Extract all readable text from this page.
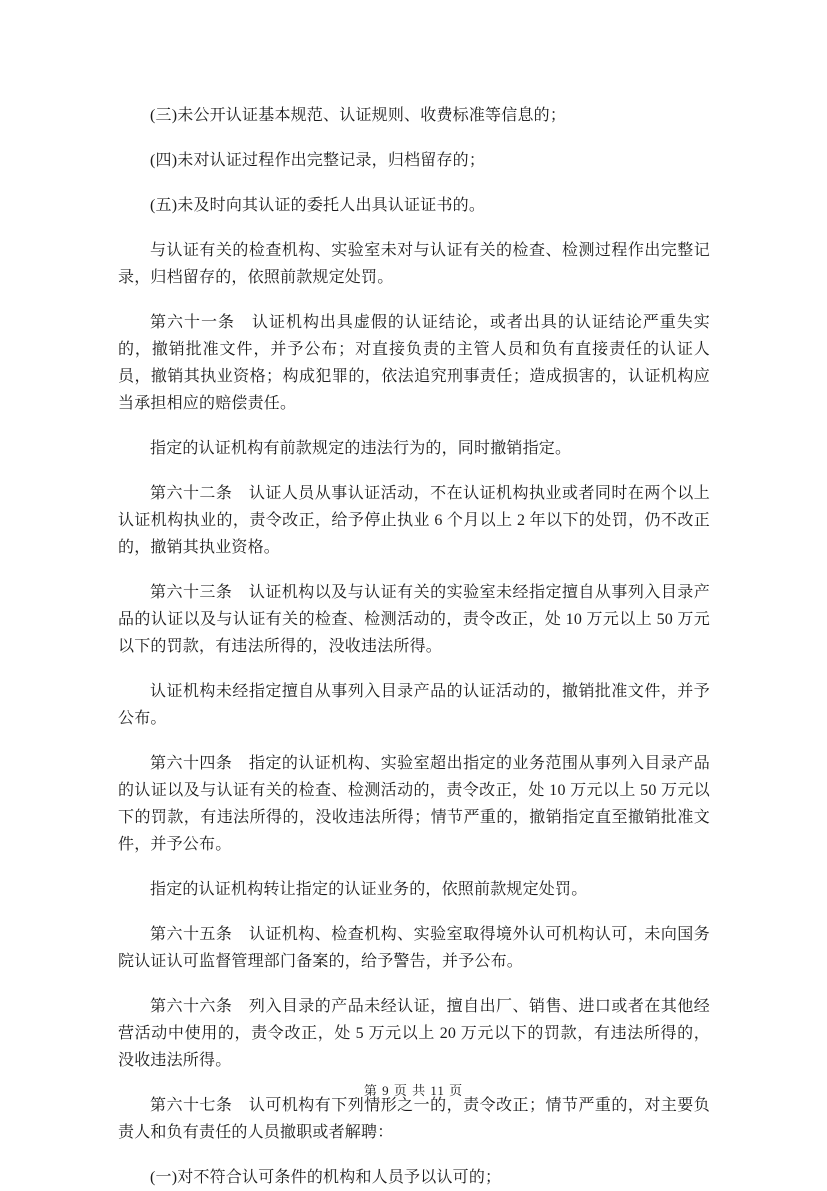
(三)未公开认证基本规范、认证规则、收费标准等信息的；

(四)未对认证过程作出完整记录，归档留存的；

(五)未及时向其认证的委托人出具认证证书的。

与认证有关的检查机构、实验室未对与认证有关的检查、检测过程作出完整记录，归档留存的，依照前款规定处罚。

第六十一条　认证机构出具虚假的认证结论，或者出具的认证结论严重失实的，撤销批准文件，并予公布；对直接负责的主管人员和负有直接责任的认证人员，撤销其执业资格；构成犯罪的，依法追究刑事责任；造成损害的，认证机构应当承担相应的赔偿责任。

指定的认证机构有前款规定的违法行为的，同时撤销指定。

第六十二条　认证人员从事认证活动，不在认证机构执业或者同时在两个以上认证机构执业的，责令改正，给予停止执业 6 个月以上 2 年以下的处罚，仍不改正的，撤销其执业资格。

第六十三条　认证机构以及与认证有关的实验室未经指定擅自从事列入目录产品的认证以及与认证有关的检查、检测活动的，责令改正，处 10 万元以上 50 万元以下的罚款，有违法所得的，没收违法所得。

认证机构未经指定擅自从事列入目录产品的认证活动的，撤销批准文件，并予公布。

第六十四条　指定的认证机构、实验室超出指定的业务范围从事列入目录产品的认证以及与认证有关的检查、检测活动的，责令改正，处 10 万元以上 50 万元以下的罚款，有违法所得的，没收违法所得；情节严重的，撤销指定直至撤销批准文件，并予公布。

指定的认证机构转让指定的认证业务的，依照前款规定处罚。

第六十五条　认证机构、检查机构、实验室取得境外认可机构认可，未向国务院认证认可监督管理部门备案的，给予警告，并予公布。

第六十六条　列入目录的产品未经认证，擅自出厂、销售、进口或者在其他经营活动中使用的，责令改正，处 5 万元以上 20 万元以下的罚款，有违法所得的，没收违法所得。

第六十七条　认可机构有下列情形之一的，责令改正；情节严重的，对主要负责人和负有责任的人员撤职或者解聘：

(一)对不符合认可条件的机构和人员予以认可的；

第 9 页 共 11 页
